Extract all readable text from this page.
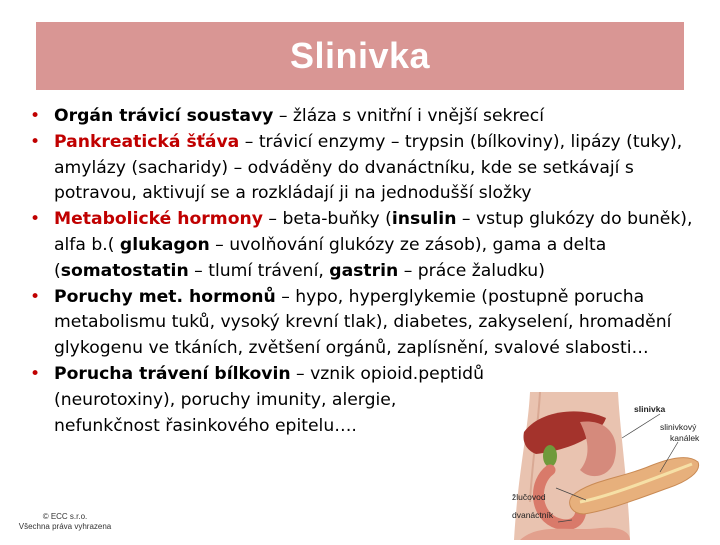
Slinivka
• Orgán trávicí soustavy – žláza s vnitřní i vnější sekrecí
• Pankreatická šťáva – trávicí enzymy – trypsin (bílkoviny), lipázy (tuky), amylázy (sacharidy) – odváděny do dvanáctníku, kde se setkávají s potravou, aktivují se a rozkládají ji na jednodušší složky
• Metabolické hormony – beta-buňky (insulin – vstup glukózy do buněk), alfa b.( glukagon – uvolňování glukózy ze zásob), gama a delta (somatostatin – tlumí trávení, gastrin – práce žaludku)
• Poruchy met. hormonů – hypo, hyperglykemie (postupně porucha metabolismu tuků, vysoký krevní tlak), diabetes, zakyselení, hromadění glykogenu ve tkáních, zvětšení orgánů, zaplísnění, svalové slabosti…
• Porucha trávení bílkovin – vznik opioid.peptidů
(neurotoxiny), poruchy imunity, alergie,
nefunkčnost řasinkového epitelu….
© ECC s.r.o.
Všechna práva vyhrazena
slinivka
slinivkový
kanálek
žlučovod
dvanáctník
